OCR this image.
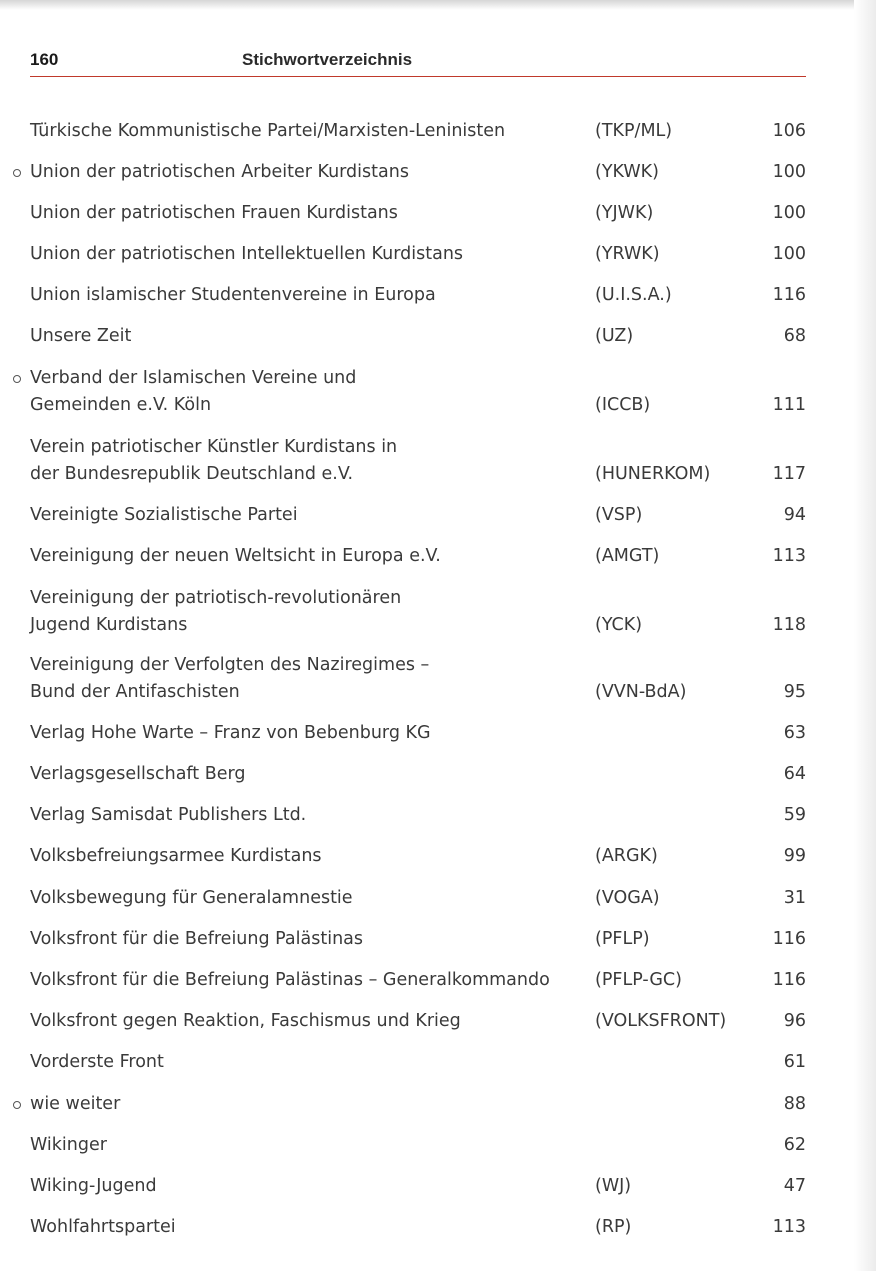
160	Stichwortverzeichnis
Türkische Kommunistische Partei/Marxisten-Leninisten	(TKP/ML)	106
Union der patriotischen Arbeiter Kurdistans	(YKWK)	100
Union der patriotischen Frauen Kurdistans	(YJWK)	100
Union der patriotischen Intellektuellen Kurdistans	(YRWK)	100
Union islamischer Studentenvereine in Europa	(U.I.S.A.)	116
Unsere Zeit	(UZ)	68
Verband der Islamischen Vereine und
Gemeinden e.V. Köln	(ICCB)	111
Verein patriotischer Künstler Kurdistans in
der Bundesrepublik Deutschland e.V.	(HUNERKOM)	117
Vereinigte Sozialistische Partei	(VSP)	94
Vereinigung der neuen Weltsicht in Europa e.V.	(AMGT)	113
Vereinigung der patriotisch-revolutionären
Jugend Kurdistans	(YCK)	118
Vereinigung der Verfolgten des Naziregimes –
Bund der Antifaschisten	(VVN-BdA)	95
Verlag Hohe Warte – Franz von Bebenburg KG	63
Verlagsgesellschaft Berg	64
Verlag Samisdat Publishers Ltd.	59
Volksbefreiungsarmee Kurdistans	(ARGK)	99
Volksbewegung für Generalamnestie	(VOGA)	31
Volksfront für die Befreiung Palästinas	(PFLP)	116
Volksfront für die Befreiung Palästinas – Generalkommando	(PFLP-GC)	116
Volksfront gegen Reaktion, Faschismus und Krieg	(VOLKSFRONT)	96
Vorderste Front	61
wie weiter	88
Wikinger	62
Wiking-Jugend	(WJ)	47
Wohlfahrtspartei	(RP)	113
